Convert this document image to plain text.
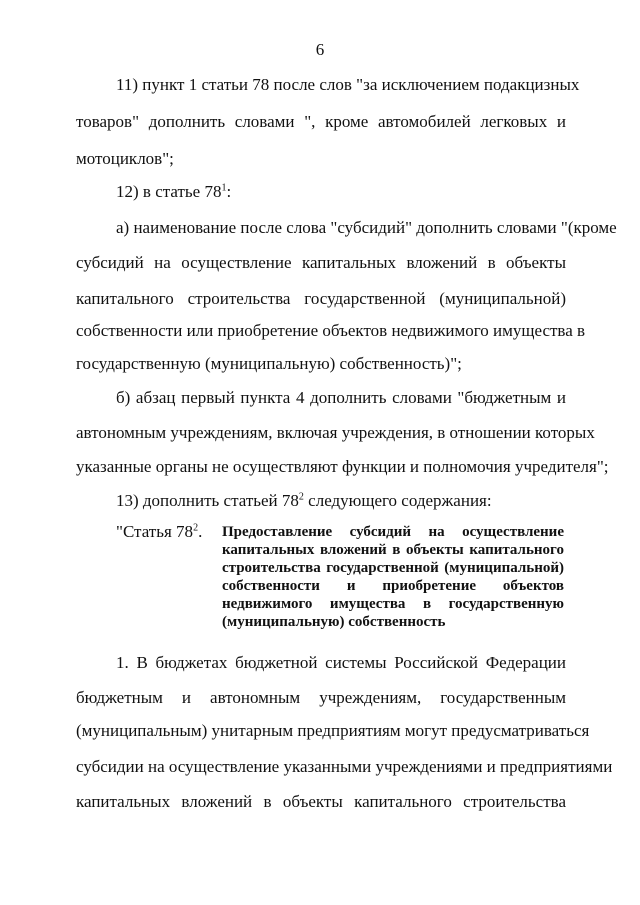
6
11) пункт 1 статьи 78 после слов "за исключением подакцизных
товаров" дополнить словами ", кроме автомобилей легковых и
мотоциклов";
12) в статье $78^1$:
а) наименование после слова "субсидий" дополнить словами "(кроме
субсидий на осуществление капитальных вложений в объекты
капитального строительства государственной (муниципальной)
собственности или приобретение объектов недвижимого имущества в
государственную (муниципальную) собственность)";
б) абзац первый пункта 4 дополнить словами "бюджетным и
автономным учреждениям, включая учреждения, в отношении которых
указанные органы не осуществляют функции и полномочия учредителя";
13) дополнить статьей $78^2$ следующего содержания:
"Статья $78^2$. Предоставление субсидий на осуществление
капитальных вложений в объекты капитального
строительства государственной (муниципальной)
собственности и приобретение объектов
недвижимого имущества в государственную
(муниципальную) собственность
1. В бюджетах бюджетной системы Российской Федерации
бюджетным и автономным учреждениям, государственным
(муниципальным) унитарным предприятиям могут предусматриваться
субсидии на осуществление указанными учреждениями и предприятиями
капитальных вложений в объекты капитального строительства
